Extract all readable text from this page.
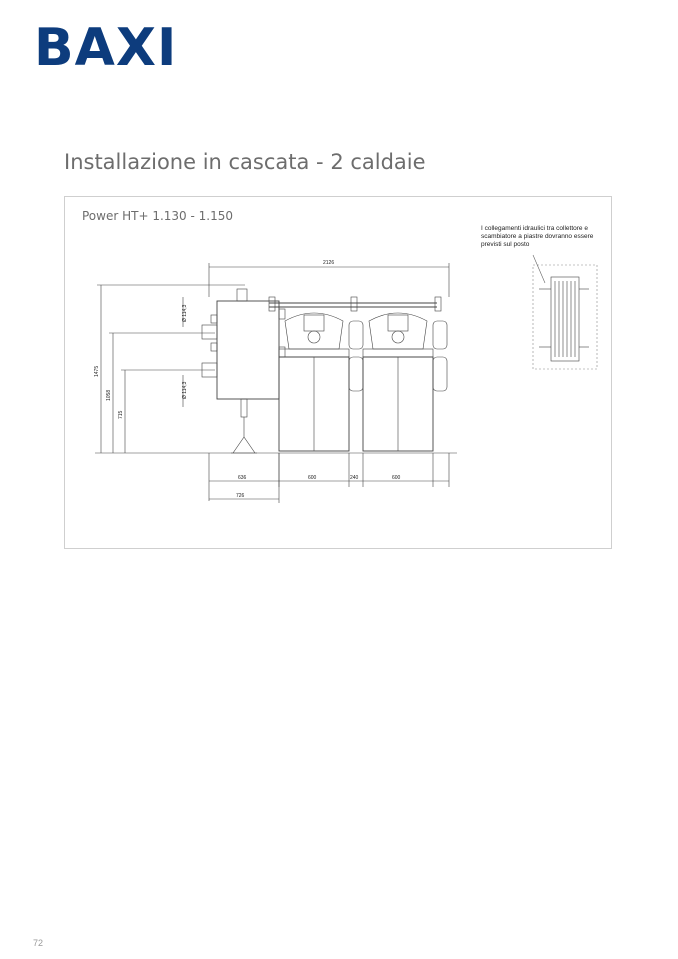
BAXI
Installazione in cascata - 2 caldaie
Power HT+ 1.130 - 1.150
I collegamenti idraulici tra collettore e scambiatore a piastre dovranno essere previsti sul posto
2126
1475
1058
715
Ø 114,3
Ø 114,3
636	600	240	600
726
72
